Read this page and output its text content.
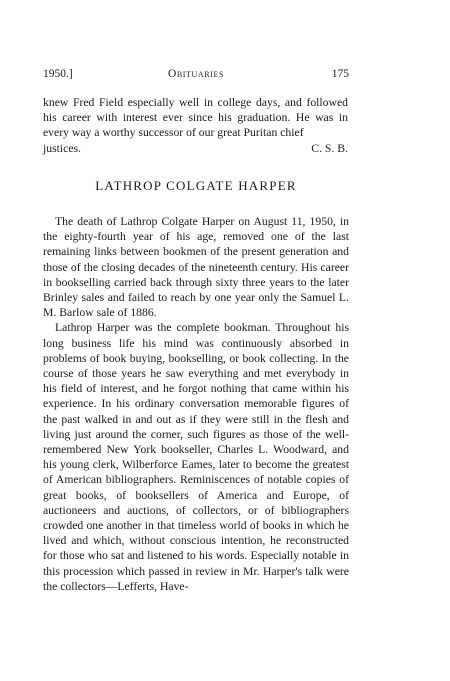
1950.]	Obituaries	175

knew Fred Field especially well in college days, and followed his career with interest ever since his graduation. He was in every way a worthy successor of our great Puritan chief

justices.	C. S. B.
LATHROP COLGATE HARPER

The death of Lathrop Colgate Harper on August 11, 1950, in the eighty-fourth year of his age, removed one of the last remaining links between bookmen of the present generation and those of the closing decades of the nineteenth century. His career in bookselling carried back through sixty three years to the later Brinley sales and failed to reach by one year only the Samuel L. M. Barlow sale of 1886.

Lathrop Harper was the complete bookman. Throughout his long business life his mind was continuously absorbed in problems of book buying, bookselling, or book collecting. In the course of those years he saw everything and met everybody in his field of interest, and he forgot nothing that came within his experience. In his ordinary conversation memorable figures of the past walked in and out as if they were still in the flesh and living just around the corner, such figures as those of the well-remembered New York bookseller, Charles L. Woodward, and his young clerk, Wilberforce Eames, later to become the greatest of American bibliographers. Reminiscences of notable copies of great books, of booksellers of America and Europe, of auctioneers and auctions, of collectors, or of bibliographers crowded one another in that timeless world of books in which he lived and which, without conscious intention, he reconstructed for those who sat and listened to his words. Especially notable in this procession which passed in review in Mr. Harper's talk were the collectors—Lefferts, Have-
